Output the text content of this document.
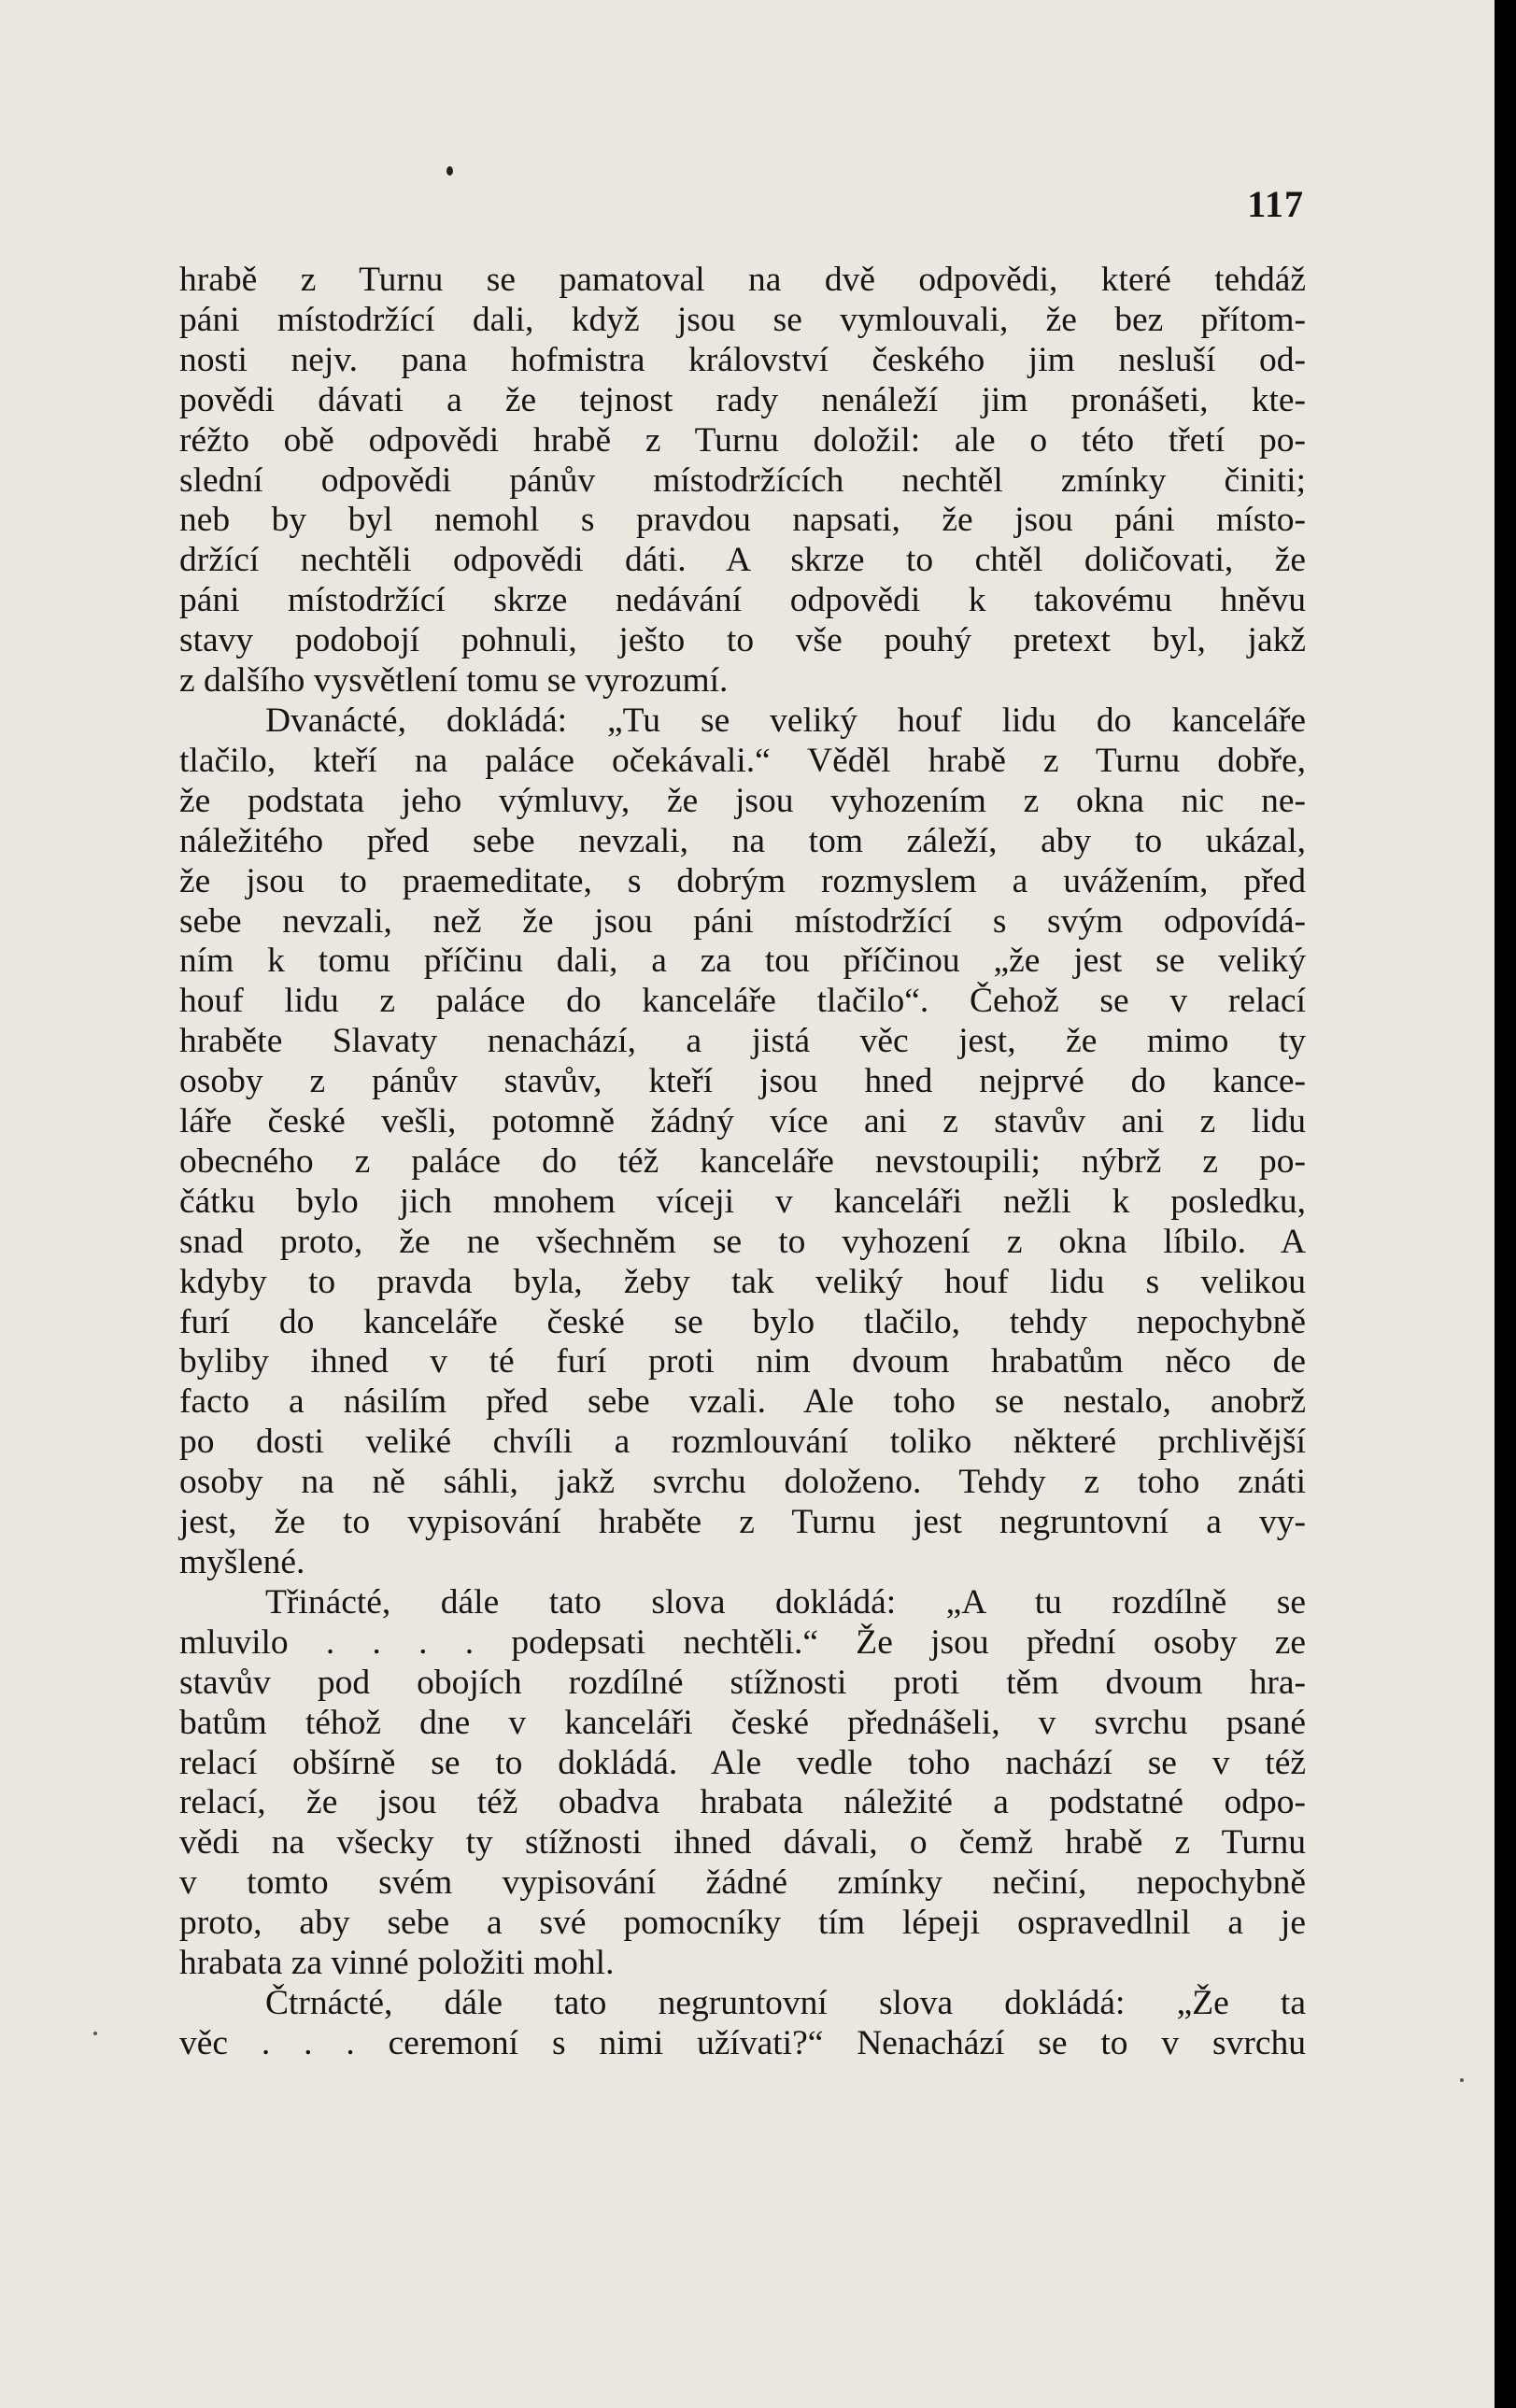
117
hrabě z Turnu se pamatoval na dvě odpovědi, které tehdáž
páni místodržící dali, když jsou se vymlouvali, že bez přítom-
nosti nejv. pana hofmistra království českého jim nesluší od-
povědi dávati a že tejnost rady nenáleží jim pronášeti, kte-
réžto obě odpovědi hrabě z Turnu doložil: ale o této třetí po-
slední odpovědi pánův místodržících nechtěl zmínky činiti;
neb by byl nemohl s pravdou napsati, že jsou páni místo-
držící nechtěli odpovědi dáti. A skrze to chtěl doličovati, že
páni místodržící skrze nedávání odpovědi k takovému hněvu
stavy podobojí pohnuli, ješto to vše pouhý pretext byl, jakž
z dalšího vysvětlení tomu se vyrozumí.
Dvanácté, dokládá: „Tu se veliký houf lidu do kanceláře
tlačilo, kteří na paláce očekávali.“ Věděl hrabě z Turnu dobře,
že podstata jeho výmluvy, že jsou vyhozením z okna nic ne-
náležitého před sebe nevzali, na tom záleží, aby to ukázal,
že jsou to praemeditate, s dobrým rozmyslem a uvážením, před
sebe nevzali, než že jsou páni místodržící s svým odpovídá-
ním k tomu příčinu dali, a za tou příčinou „že jest se veliký
houf lidu z paláce do kanceláře tlačilo“. Čehož se v relací
hraběte Slavaty nenachází, a jistá věc jest, že mimo ty
osoby z pánův stavův, kteří jsou hned nejprvé do kance-
láře české vešli, potomně žádný více ani z stavův ani z lidu
obecného z paláce do též kanceláře nevstoupili; nýbrž z po-
čátku bylo jich mnohem víceji v kanceláři nežli k posledku,
snad proto, že ne všechněm se to vyhození z okna líbilo. A
kdyby to pravda byla, žeby tak veliký houf lidu s velikou
furí do kanceláře české se bylo tlačilo, tehdy nepochybně
byliby ihned v té furí proti nim dvoum hrabatům něco de
facto a násilím před sebe vzali. Ale toho se nestalo, anobrž
po dosti veliké chvíli a rozmlouvání toliko některé prchlivější
osoby na ně sáhli, jakž svrchu doloženo. Tehdy z toho znáti
jest, že to vypisování hraběte z Turnu jest negruntovní a vy-
myšlené.
Třinácté, dále tato slova dokládá: „A tu rozdílně se
mluvilo . . . . podepsati nechtěli.“ Že jsou přední osoby ze
stavův pod obojích rozdílné stížnosti proti těm dvoum hra-
batům téhož dne v kanceláři české přednášeli, v svrchu psané
relací obšírně se to dokládá. Ale vedle toho nachází se v též
relací, že jsou též obadva hrabata náležité a podstatné odpo-
vědi na všecky ty stížnosti ihned dávali, o čemž hrabě z Turnu
v tomto svém vypisování žádné zmínky nečiní, nepochybně
proto, aby sebe a své pomocníky tím lépeji ospravedlnil a je
hrabata za vinné položiti mohl.
Čtrnácté, dále tato negruntovní slova dokládá: „Že ta
věc . . . ceremoní s nimi užívati?“ Nenachází se to v svrchu
